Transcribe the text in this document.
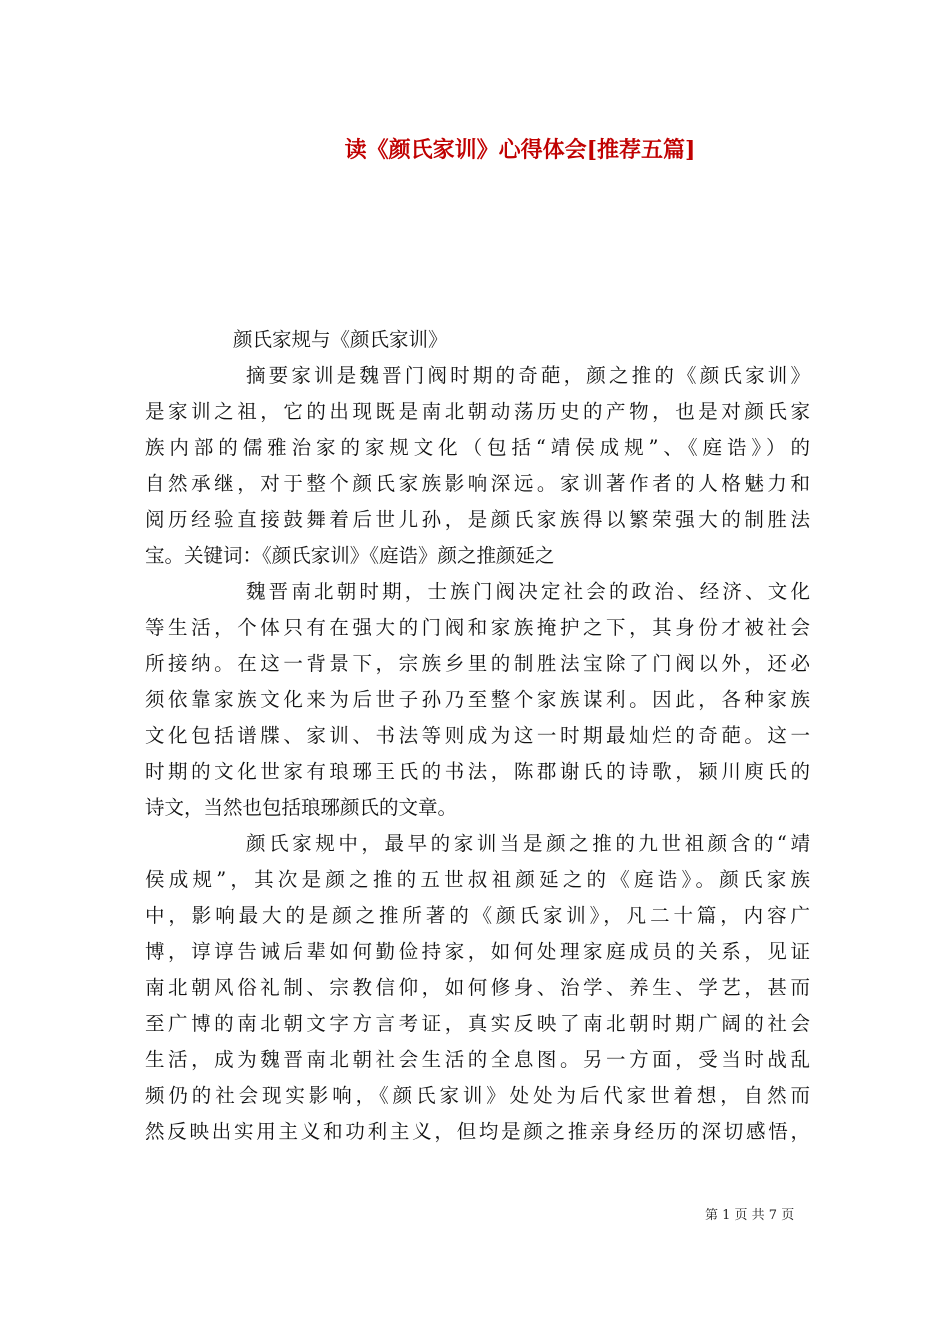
读《颜氏家训》心得体会[推荐五篇]
颜氏家规与《颜氏家训》
摘要家训是魏晋门阀时期的奇葩，颜之推的《颜氏家训》
是家训之祖，它的出现既是南北朝动荡历史的产物，也是对颜氏家
族内部的儒雅治家的家规文化（包括“靖侯成规”、《庭诰》）的
自然承继，对于整个颜氏家族影响深远。家训著作者的人格魅力和
阅历经验直接鼓舞着后世儿孙，是颜氏家族得以繁荣强大的制胜法
宝。关键词：《颜氏家训》《庭诰》颜之推颜延之
魏晋南北朝时期，士族门阀决定社会的政治、经济、文化
等生活，个体只有在强大的门阀和家族掩护之下，其身份才被社会
所接纳。在这一背景下，宗族乡里的制胜法宝除了门阀以外，还必
须依靠家族文化来为后世子孙乃至整个家族谋利。因此，各种家族
文化包括谱牒、家训、书法等则成为这一时期最灿烂的奇葩。这一
时期的文化世家有琅琊王氏的书法，陈郡谢氏的诗歌，颍川庾氏的
诗文，当然也包括琅琊颜氏的文章。
颜氏家规中，最早的家训当是颜之推的九世祖颜含的“靖
侯成规”，其次是颜之推的五世叔祖颜延之的《庭诰》。颜氏家族
中，影响最大的是颜之推所著的《颜氏家训》，凡二十篇，内容广
博，谆谆告诫后辈如何勤俭持家，如何处理家庭成员的关系，见证
南北朝风俗礼制、宗教信仰，如何修身、治学、养生、学艺，甚而
至广博的南北朝文字方言考证，真实反映了南北朝时期广阔的社会
生活，成为魏晋南北朝社会生活的全息图。另一方面，受当时战乱
频仍的社会现实影响，《颜氏家训》处处为后代家世着想，自然而
然反映出实用主义和功利主义，但均是颜之推亲身经历的深切感悟，
第 1 页 共 7 页
